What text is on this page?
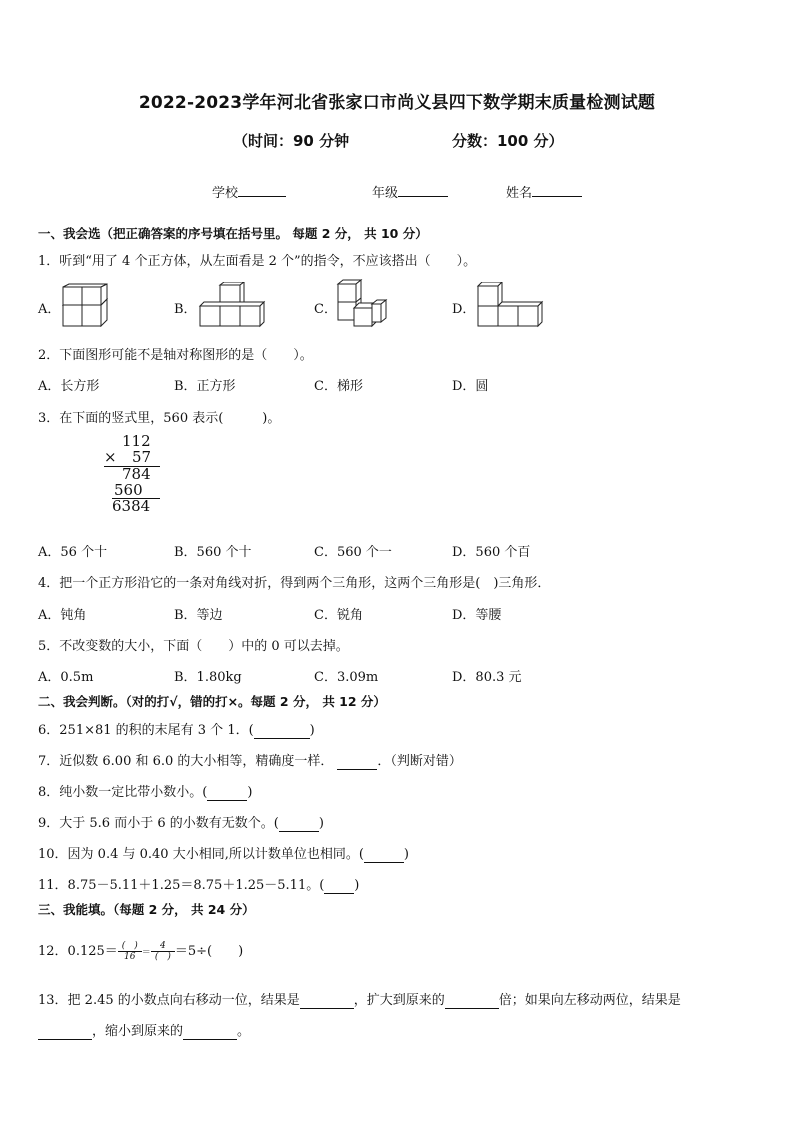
2022-2023学年河北省张家口市尚义县四下数学期末质量检测试题
（时间：90 分钟	分数：100 分）
学校	年级	姓名
一、我会选（把正确答案的序号填在括号里。 每题 2 分， 共 10 分）
1．听到“用了 4 个正方体，从左面看是 2 个”的指令，不应该搭出（　　）。
A．	B．	C．	D．
2．下面图形可能不是轴对称图形的是（　　）。
A．长方形	B．正方形	C．梯形	D．圆
3．在下面的竖式里，560 表示(　　　)。
112
× 57
784
560
6384
A．56 个十	B．560 个十	C．560 个一	D．560 个百
4．把一个正方形沿它的一条对角线对折，得到两个三角形，这两个三角形是(　)三角形．
A．钝角	B．等边	C．锐角	D．等腰
5．不改变数的大小，下面（　　）中的 0 可以去掉。
A．0.5m	B．1.80kg	C．3.09m	D．80.3 元
二、我会判断。（对的打√，错的打×。每题 2 分， 共 12 分）
6．251×81 的积的末尾有 3 个 1．(	)
7．近似数 6.00 和 6.0 的大小相等，精确度一样．	．（判断对错）
8．纯小数一定比带小数小。(	)
9．大于 5.6 而小于 6 的小数有无数个。(	)
10．因为 0.4 与 0.40 大小相同,所以计数单位也相同。(	)
11．8.75－5.11＋1.25＝8.75＋1.25－5.11。( )
三、我能填。（每题 2 分， 共 24 分）
12．$0.125= \frac{( )}{16} = \frac{4}{( )} =5\div$(　　)
13．把 2.45 的小数点向右移动一位，结果是	，扩大到原来的	倍；如果向左移动两位，结果是
，缩小到原来的	。
